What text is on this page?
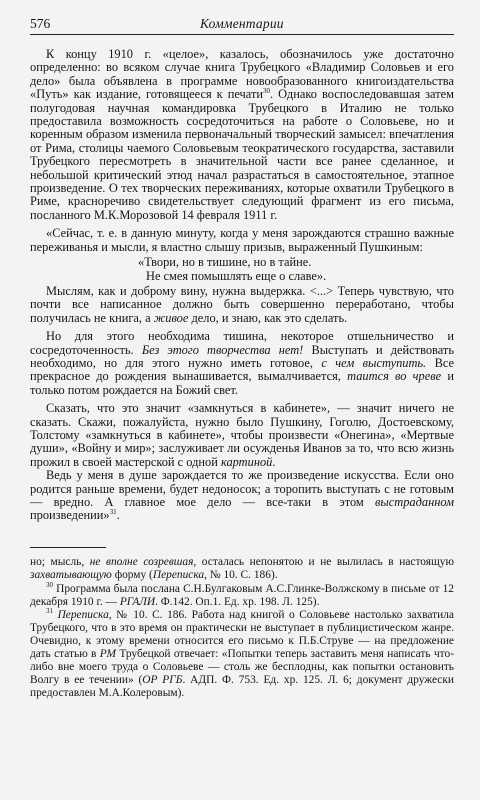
576	Комментарии

К концу 1910 г. «целое», казалось, обозначилось уже достаточно определенно: во всяком случае книга Трубецкого «Владимир Соловьев и его дело» была объявлена в программе новообразованного книгоиздательства «Путь» как издание, готовящееся к печати$^{30}$. Однако воспоследовавшая затем полугодовая научная командировка Трубецкого в Италию не только предоставила возможность сосредоточиться на работе о Соловьеве, но и коренным образом изменила первоначальный творческий замысел: впечатления от Рима, столицы чаемого Соловьевым теократического государства, заставили Трубецкого пересмотреть в значительной части все ранее сделанное, и небольшой критический этюд начал разрастаться в самостоятельное, этапное произведение. О тех творческих переживаниях, которые охватили Трубецкого в Риме, красноречиво свидетельствует следующий фрагмент из его письма, посланного М.К.Морозовой 14 февраля 1911 г.

«Сейчас, т. е. в данную минуту, когда у меня зарождаются страшно важные переживанья и мысли, я властно слышу призыв, выраженный Пушкиным:

«Твори, но в тишине, но в тайне.
Не смея помышлять еще о славе».

Мыслям, как и доброму вину, нужна выдержка. <...> Теперь чувствую, что почти все написанное должно быть совершенно переработано, чтобы получилась не книга, а живое дело, и знаю, как это сделать.

Но для этого необходима тишина, некоторое отшельничество и сосредоточенность. Без этого творчества нет! Выступать и действовать необходимо, но для этого нужно иметь готовое, с чем выступить. Все прекрасное до рождения вынашивается, вымалчивается, таится во чреве и только потом рождается на Божий свет.

Сказать, что это значит «замкнуться в кабинете», — значит ничего не сказать. Скажи, пожалуйста, нужно было Пушкину, Гоголю, Достоевскому, Толстому «замкнуться в кабинете», чтобы произвести «Онегина», «Мертвые души», «Войну и мир»; заслуживает ли осужденья Иванов за то, что всю жизнь прожил в своей мастерской с одной картиной.

Ведь у меня в душе зарождается то же произведение искусства. Если оно родится раньше времени, будет недоносок; а торопить выступать с не готовым — вредно. А главное мое дело — все-таки в этом выстраданном произведении»$^{31}$.

но; мысль, не вполне созревшая, осталась непонятою и не вылилась в настоящую захватывающую форму (Переписка, № 10. С. 186).

$^{30}$ Программа была послана С.Н.Булгаковым А.С.Глинке-Волжскому в письме от 12 декабря 1910 г. — РГАЛИ. Ф.142. Оп.1. Ед. хр. 198. Л. 125).

$^{31}$ Переписка, № 10. С. 186. Работа над книгой о Соловьеве настолько захватила Трубецкого, что в это время он практически не выступает в публицистическом жанре. Очевидно, к этому времени относится его письмо к П.Б.Струве — на предложение дать статью в РМ Трубецкой отвечает: «Попытки теперь заставить меня написать что-либо вне моего труда о Соловьеве — столь же бесплодны, как попытки остановить Волгу в ее течении» (ОР РГБ. АДП. Ф. 753. Ед. хр. 125. Л. 6; документ дружески предоставлен М.А.Колеровым).
